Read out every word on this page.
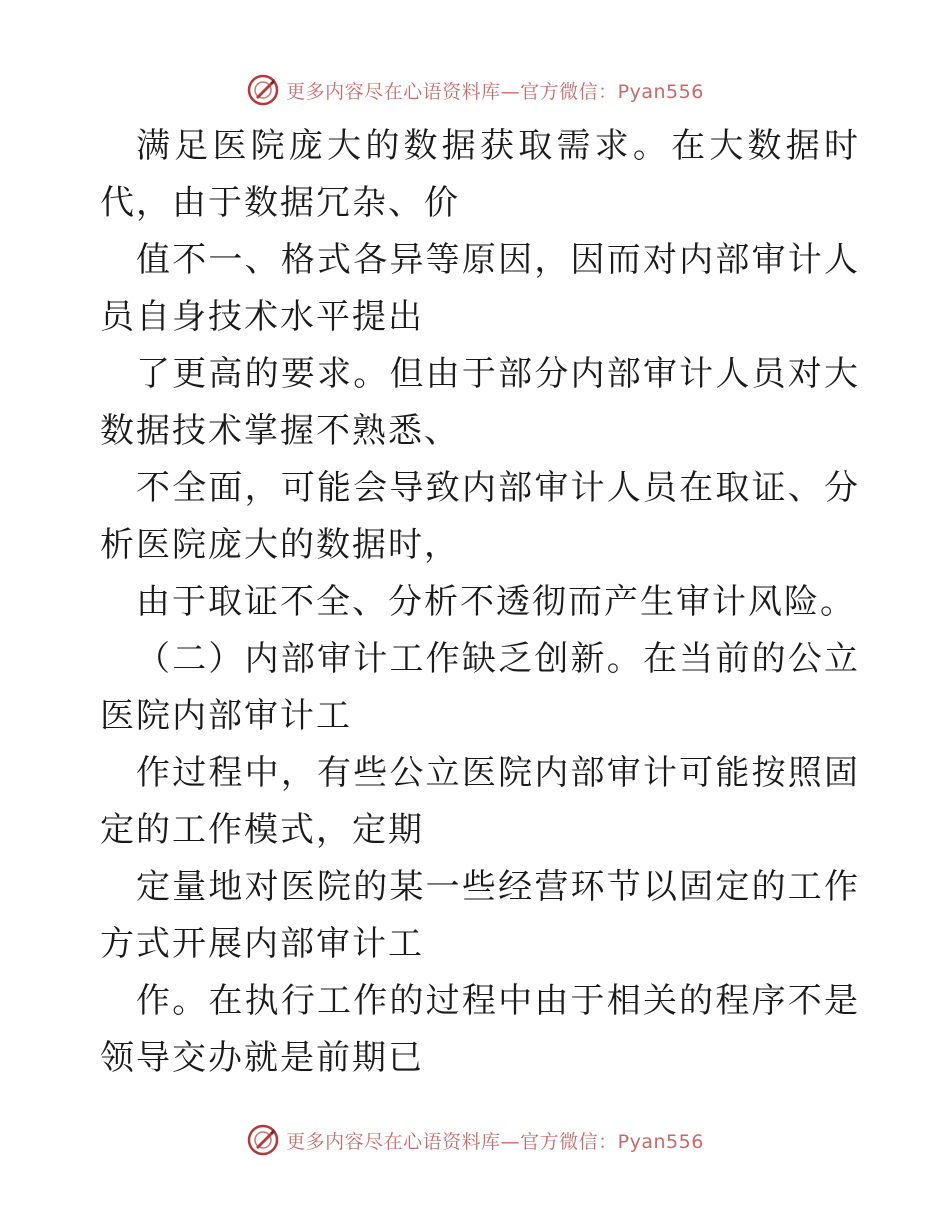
更多内容尽在心语资料库—官方微信：Pyan556

满足医院庞大的数据获取需求。在大数据时代，由于数据冗杂、价

值不一、格式各异等原因，因而对内部审计人员自身技术水平提出

了更高的要求。但由于部分内部审计人员对大数据技术掌握不熟悉、

不全面，可能会导致内部审计人员在取证、分析医院庞大的数据时，

由于取证不全、分析不透彻而产生审计风险。

（二）内部审计工作缺乏创新。在当前的公立医院内部审计工

作过程中，有些公立医院内部审计可能按照固定的工作模式，定期

定量地对医院的某一些经营环节以固定的工作方式开展内部审计工

作。在执行工作的过程中由于相关的程序不是领导交办就是前期已

更多内容尽在心语资料库—官方微信：Pyan556
